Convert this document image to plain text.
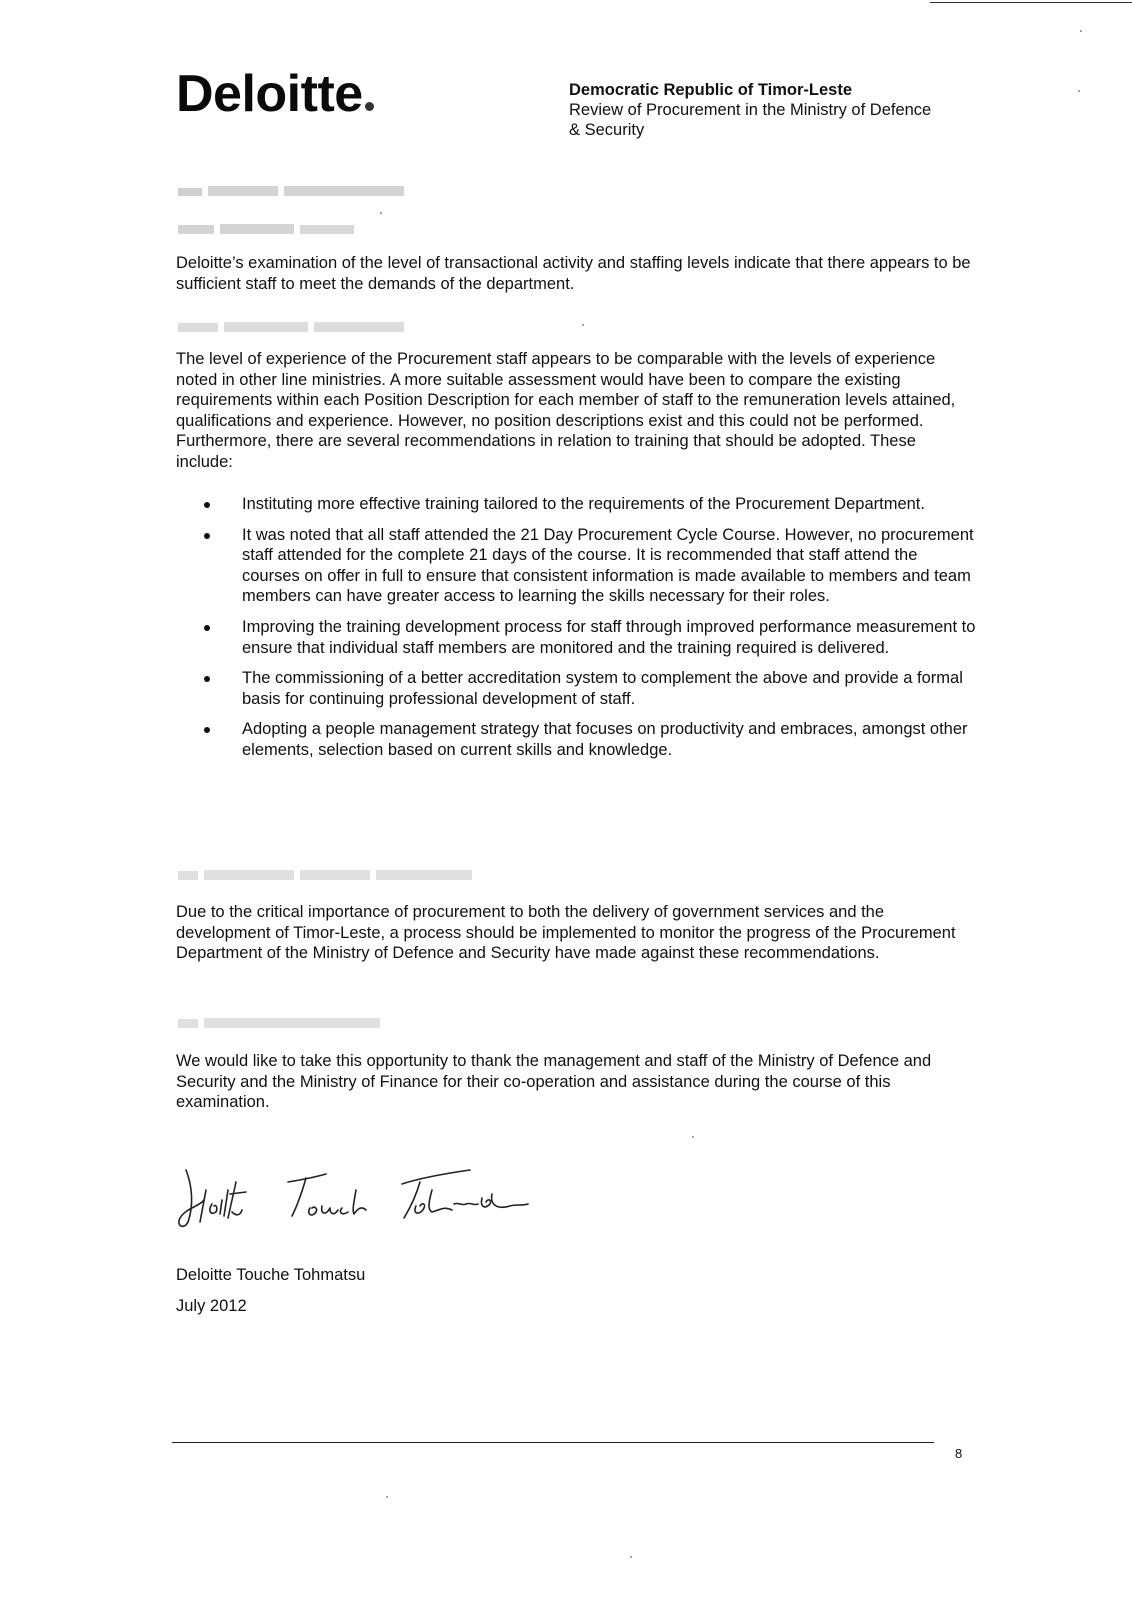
Deloitte	Democratic Republic of Timor-Leste
Review of Procurement in the Ministry of Defence
& Security
Deloitte’s examination of the level of transactional activity and staffing levels indicate that there appears to be sufficient staff to meet the demands of the department.
The level of experience of the Procurement staff appears to be comparable with the levels of experience noted in other line ministries. A more suitable assessment would have been to compare the existing requirements within each Position Description for each member of staff to the remuneration levels attained, qualifications and experience. However, no position descriptions exist and this could not be performed. Furthermore, there are several recommendations in relation to training that should be adopted. These include:
Instituting more effective training tailored to the requirements of the Procurement Department.
It was noted that all staff attended the 21 Day Procurement Cycle Course. However, no procurement staff attended for the complete 21 days of the course. It is recommended that staff attend the courses on offer in full to ensure that consistent information is made available to members and team members can have greater access to learning the skills necessary for their roles.
Improving the training development process for staff through improved performance measurement to ensure that individual staff members are monitored and the training required is delivered.
The commissioning of a better accreditation system to complement the above and provide a formal basis for continuing professional development of staff.
Adopting a people management strategy that focuses on productivity and embraces, amongst other elements, selection based on current skills and knowledge.
Due to the critical importance of procurement to both the delivery of government services and the development of Timor-Leste, a process should be implemented to monitor the progress of the Procurement Department of the Ministry of Defence and Security have made against these recommendations.
We would like to take this opportunity to thank the management and staff of the Ministry of Defence and Security and the Ministry of Finance for their co-operation and assistance during the course of this examination.
Deloitte Touche Tohmatsu
July 2012
8
